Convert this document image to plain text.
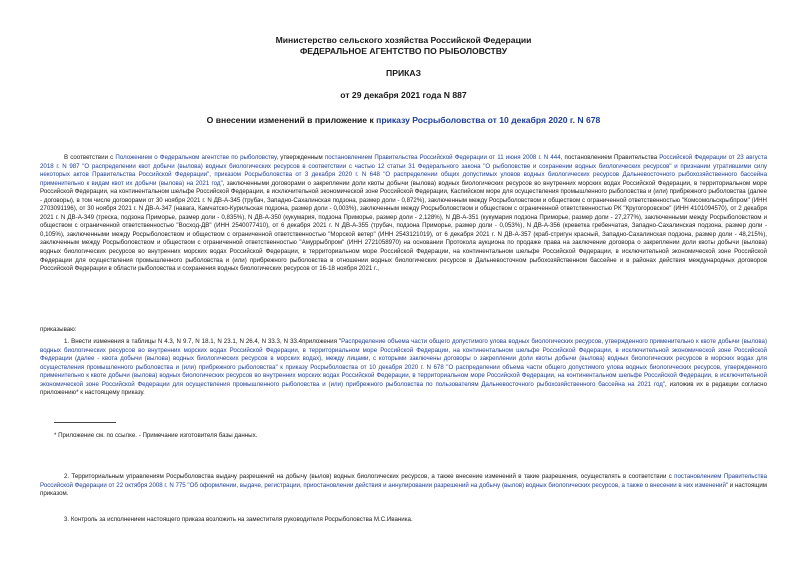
Министерство сельского хозяйства Российской Федерации
ФЕДЕРАЛЬНОЕ АГЕНТСТВО ПО РЫБОЛОВСТВУ
ПРИКАЗ
от 29 декабря 2021 года N 887
О внесении изменений в приложение к приказу Росрыболовства от 10 декабря 2020 г. N 678
В соответствии с Положением о Федеральном агентстве по рыболовству, утвержденным постановлением Правительства Российской Федерации от 11 июня 2008 г. N 444, постановлением Правительства Российской Федерации от 23 августа 2018 г. N 987 "О распределении квот добычи (вылова) водных биологических ресурсов в соответствии с частью 12 статьи 31 Федерального закона "О рыболовстве и сохранении водных биологических ресурсов" и признании утратившими силу некоторых актов Правительства Российской Федерации", приказом Росрыболовства от 3 декабря 2020 г. N 648 "О распределении общих допустимых уловов водных биологических ресурсов Дальневосточного рыбохозяйственного бассейна применительно к видам квот их добычи (вылова) на 2021 год", заключенными договорами о закреплении доли квоты добычи (вылова) водных биологических ресурсов во внутренних морских водах Российской Федерации, в территориальном море Российской Федерации, на континентальном шельфе Российской Федерации, в исключительной экономической зоне Российской Федерации, Каспийском море для осуществления промышленного рыболовства и (или) прибрежного рыболовства (далее - договоры), в том числе договорами от 30 ноября 2021 г. N ДВ-А-345 (трубач, Западно-Сахалинская подзона, размер доли - 0,872%), заключенным между Росрыболовством и обществом с ограниченной ответственностью "Комсомольскрыбпром" (ИНН 2703091196), от 30 ноября 2021 г. N ДВ-А-347 (навага, Камчатско-Курильская подзона, размер доли - 0,003%), заключенным между Росрыболовством и обществом с ограниченной ответственностью РК "Кругогоровское" (ИНН 4101094570), от 2 декабря 2021 г. N ДВ-А-349 (треска, подзона Приморье, размер доли - 0,835%), N ДВ-А-350 (кукумария, подзона Приморье, размер доли - 2,128%), N ДВ-А-351 (кукумария подзона Приморье, размер доли - 27,277%), заключенными между Росрыболовством и обществом с ограниченной ответственностью "Восход-ДВ" (ИНН 2540077410), от 6 декабря 2021 г. N ДВ-А-355 (трубач, подзона Приморье, размер доли - 0,053%), N ДВ-А-356 (креветка гребенчатая, Западно-Сахалинская подзона, размер доли - 0,105%), заключенными между Росрыболовством и обществом с ограниченной ответственностью "Морской ветер" (ИНН 2543121019), от 6 декабря 2021 г. N ДВ-А-357 (краб-стригун красный, Западно-Сахалинская подзона, размер доли - 48,215%), заключенным между Росрыболовством и обществом с ограниченной ответственностью "Амуррыбпром" (ИНН 2721058970) на основании Протокола аукциона по продаже права на заключение договора о закреплении доли квоты добычи (вылова) водных биологических ресурсов во внутренних морских водах Российской Федерации, в территориальном море Российской Федерации, на континентальном шельфе Российской Федерации, в исключительной экономической зоне Российской Федерации для осуществления промышленного рыболовства и (или) прибрежного рыболовства в отношении водных биологических ресурсов в Дальневосточном рыбохозяйственном бассейне и в районах действия международных договоров Российской Федерации в области рыболовства и сохранения водных биологических ресурсов от 16-18 ноября 2021 г.,
приказываю:
1. Внести изменения в таблицы N 4.3, N 9.7, N 18.1, N 23.1, N 26.4, N 33.3, N 33.4приложения "Распределение объема части общего допустимого улова водных биологических ресурсов, утвержденного применительно к квоте добычи (вылова) водных биологических ресурсов во внутренних морских водах Российской Федерации, в территориальном море Российской Федерации, на континентальном шельфе Российской Федерации, в исключительной экономической зоне Российской Федерации (далее - квота добычи (вылова) водных биологических ресурсов в морских водах), между лицами, с которыми заключены договоры о закреплении доли квоты добычи (вылова) водных биологических ресурсов в морских водах для осуществления промышленного рыболовства и (или) прибрежного рыболовства" к приказу Росрыболовства от 10 декабря 2020 г. N 678 "О распределении объема части общего допустимого улова водных биологических ресурсов, утвержденного применительно к квоте добычи (вылова) водных биологических ресурсов во внутренних морских водах Российской Федерации, в территориальном море Российской Федерации, на континентальном шельфе Российской Федерации, в исключительной экономической зоне Российской Федерации для осуществления промышленного рыболовства и (или) прибрежного рыболовства по пользователям Дальневосточного рыбохозяйственного бассейна на 2021 год", изложив их в редакции согласно приложению* к настоящему приказу.
* Приложение см. по ссылке. - Примечание изготовителя базы данных.
2. Территориальным управлениям Росрыболовства выдачу разрешений на добычу (вылов) водных биологических ресурсов, а также внесение изменений в такие разрешения, осуществлять в соответствии с постановлением Правительства Российской Федерации от 22 октября 2008 г. N 775 "Об оформлении, выдаче, регистрации, приостановлении действия и аннулировании разрешений на добычу (вылов) водных биологических ресурсов, а также о внесении в них изменений" и настоящим приказом.
3. Контроль за исполнением настоящего приказа возложить на заместителя руководителя Росрыболовства М.С.Иваника.
